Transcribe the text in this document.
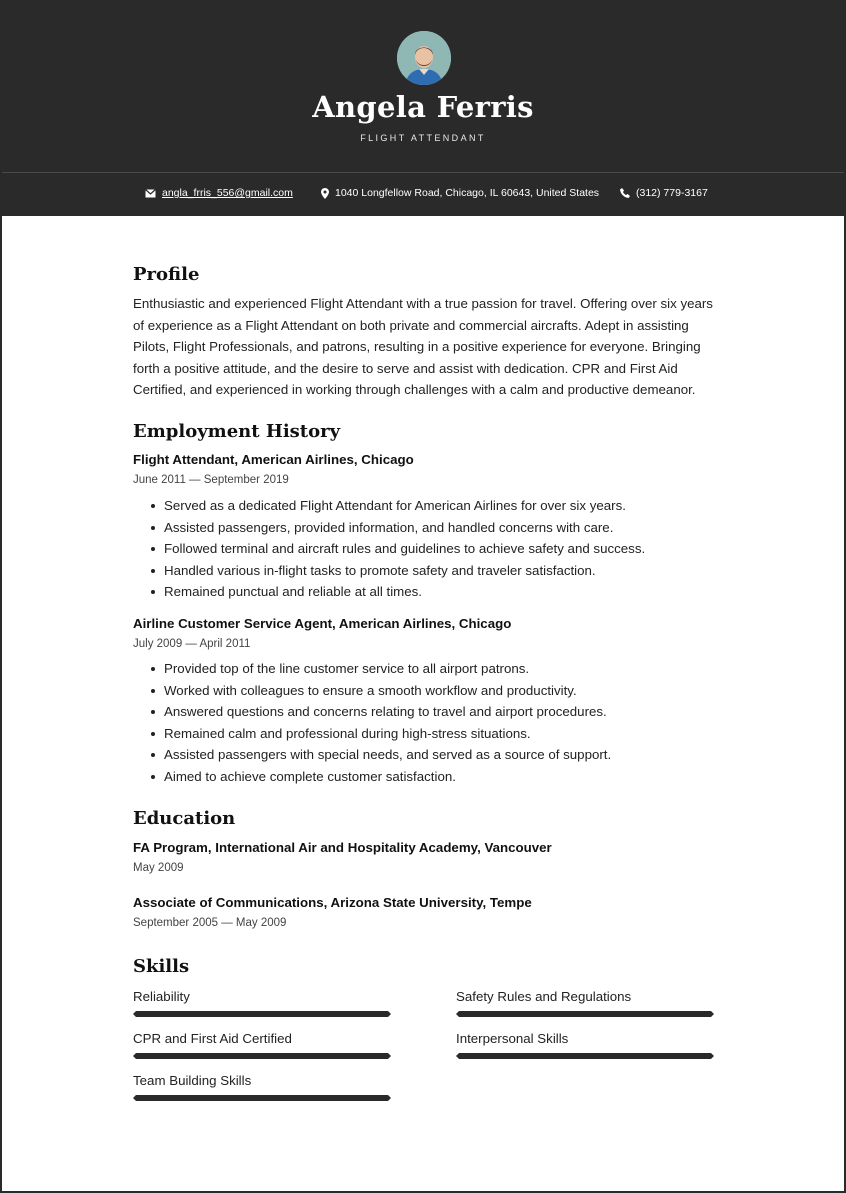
Angela Ferris
FLIGHT ATTENDANT
angla_frris_556@gmail.com	1040 Longfellow Road, Chicago, IL 60643, United States	(312) 779-3167
Profile
Enthusiastic and experienced Flight Attendant with a true passion for travel. Offering over six years
of experience as a Flight Attendant on both private and commercial aircrafts. Adept in assisting
Pilots, Flight Professionals, and patrons, resulting in a positive experience for everyone. Bringing
forth a positive attitude, and the desire to serve and assist with dedication. CPR and First Aid
Certified, and experienced in working through challenges with a calm and productive demeanor.
Employment History
Flight Attendant, American Airlines, Chicago
June 2011 — September 2019
Served as a dedicated Flight Attendant for American Airlines for over six years.
Assisted passengers, provided information, and handled concerns with care.
Followed terminal and aircraft rules and guidelines to achieve safety and success.
Handled various in-flight tasks to promote safety and traveler satisfaction.
Remained punctual and reliable at all times.
Airline Customer Service Agent, American Airlines, Chicago
July 2009 — April 2011
Provided top of the line customer service to all airport patrons.
Worked with colleagues to ensure a smooth workflow and productivity.
Answered questions and concerns relating to travel and airport procedures.
Remained calm and professional during high-stress situations.
Assisted passengers with special needs, and served as a source of support.
Aimed to achieve complete customer satisfaction.
Education
FA Program, International Air and Hospitality Academy, Vancouver
May 2009
Associate of Communications, Arizona State University, Tempe
September 2005 — May 2009
Skills
Reliability	Safety Rules and Regulations
CPR and First Aid Certified	Interpersonal Skills
Team Building Skills
